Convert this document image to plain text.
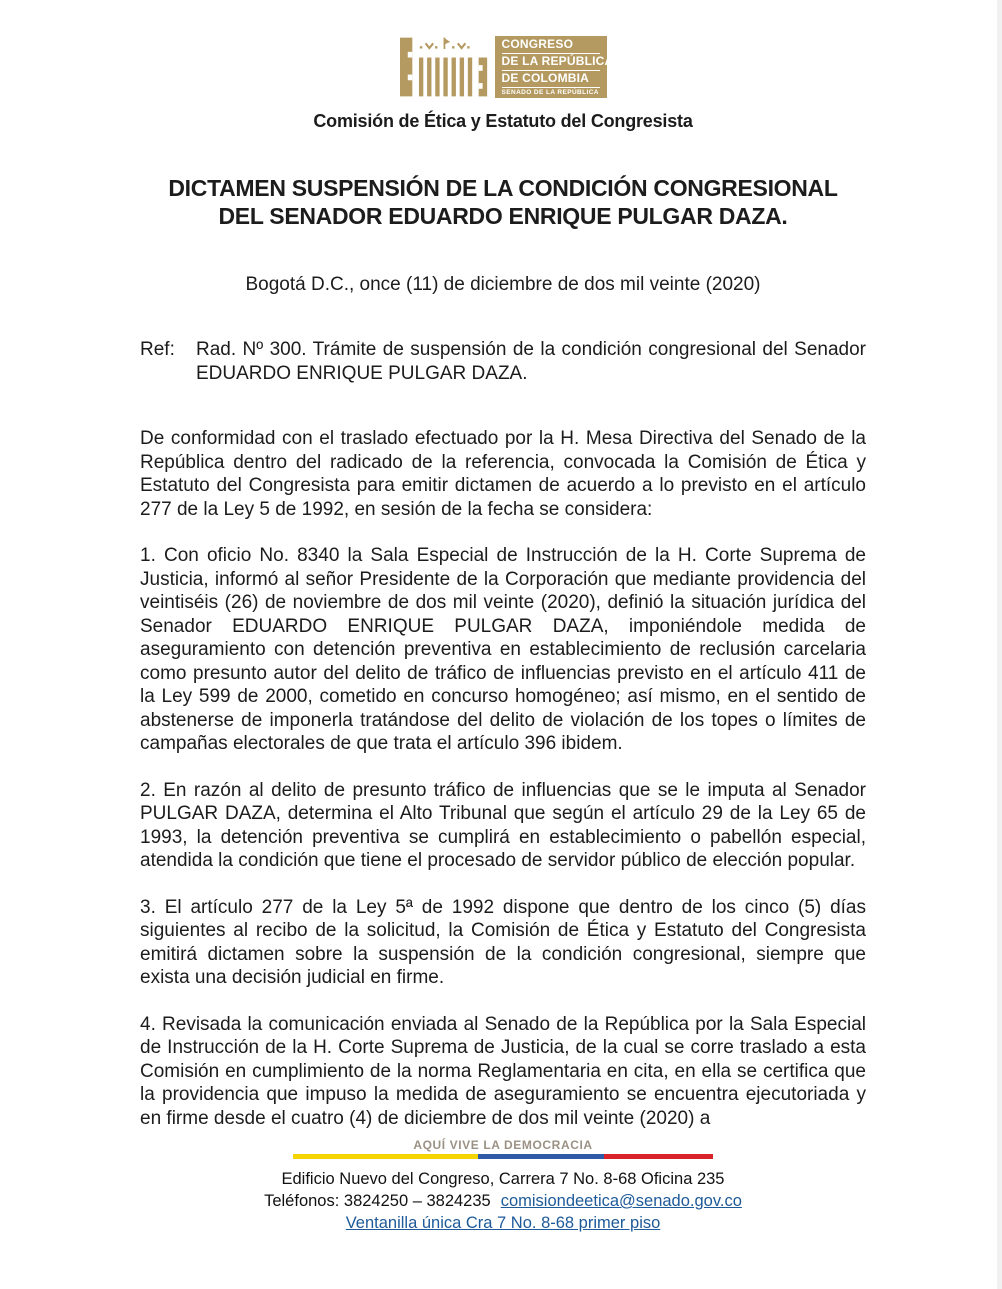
CONGRESO
DE LA REPÚBLICA
DE COLOMBIA
SENADO DE LA REPÚBLICA
Comisión de Ética y Estatuto del Congresista
DICTAMEN SUSPENSIÓN DE LA CONDICIÓN CONGRESIONAL
DEL SENADOR EDUARDO ENRIQUE PULGAR DAZA.
Bogotá D.C., once (11) de diciembre de dos mil veinte (2020)
Ref:	Rad. Nº 300. Trámite de suspensión de la condición congresional del Senador EDUARDO ENRIQUE PULGAR DAZA.

De conformidad con el traslado efectuado por la H. Mesa Directiva del Senado de la República dentro del radicado de la referencia, convocada la Comisión de Ética y Estatuto del Congresista para emitir dictamen de acuerdo a lo previsto en el artículo 277 de la Ley 5 de 1992, en sesión de la fecha se considera:

1. Con oficio No. 8340 la Sala Especial de Instrucción de la H. Corte Suprema de Justicia, informó al señor Presidente de la Corporación que mediante providencia del veintiséis (26) de noviembre de dos mil veinte (2020), definió la situación jurídica del Senador EDUARDO ENRIQUE PULGAR DAZA, imponiéndole medida de aseguramiento con detención preventiva en establecimiento de reclusión carcelaria como presunto autor del delito de tráfico de influencias previsto en el artículo 411 de la Ley 599 de 2000, cometido en concurso homogéneo; así mismo, en el sentido de abstenerse de imponerla tratándose del delito de violación de los topes o límites de campañas electorales de que trata el artículo 396 ibidem.

2. En razón al delito de presunto tráfico de influencias que se le imputa al Senador PULGAR DAZA, determina el Alto Tribunal que según el artículo 29 de la Ley 65 de 1993, la detención preventiva se cumplirá en establecimiento o pabellón especial, atendida la condición que tiene el procesado de servidor público de elección popular.

3. El artículo 277 de la Ley 5ª de 1992 dispone que dentro de los cinco (5) días siguientes al recibo de la solicitud, la Comisión de Ética y Estatuto del Congresista emitirá dictamen sobre la suspensión de la condición congresional, siempre que exista una decisión judicial en firme.

4. Revisada la comunicación enviada al Senado de la República por la Sala Especial de Instrucción de la H. Corte Suprema de Justicia, de la cual se corre traslado a esta Comisión en cumplimiento de la norma Reglamentaria en cita, en ella se certifica que la providencia que impuso la medida de aseguramiento se encuentra ejecutoriada y en firme desde el cuatro (4) de diciembre de dos mil veinte (2020) a

AQUÍ VIVE LA DEMOCRACIA
Edificio Nuevo del Congreso, Carrera 7 No. 8-68 Oficina 235
Teléfonos: 3824250 – 3824235 comisiondeetica@senado.gov.co
Ventanilla única Cra 7 No. 8-68 primer piso
